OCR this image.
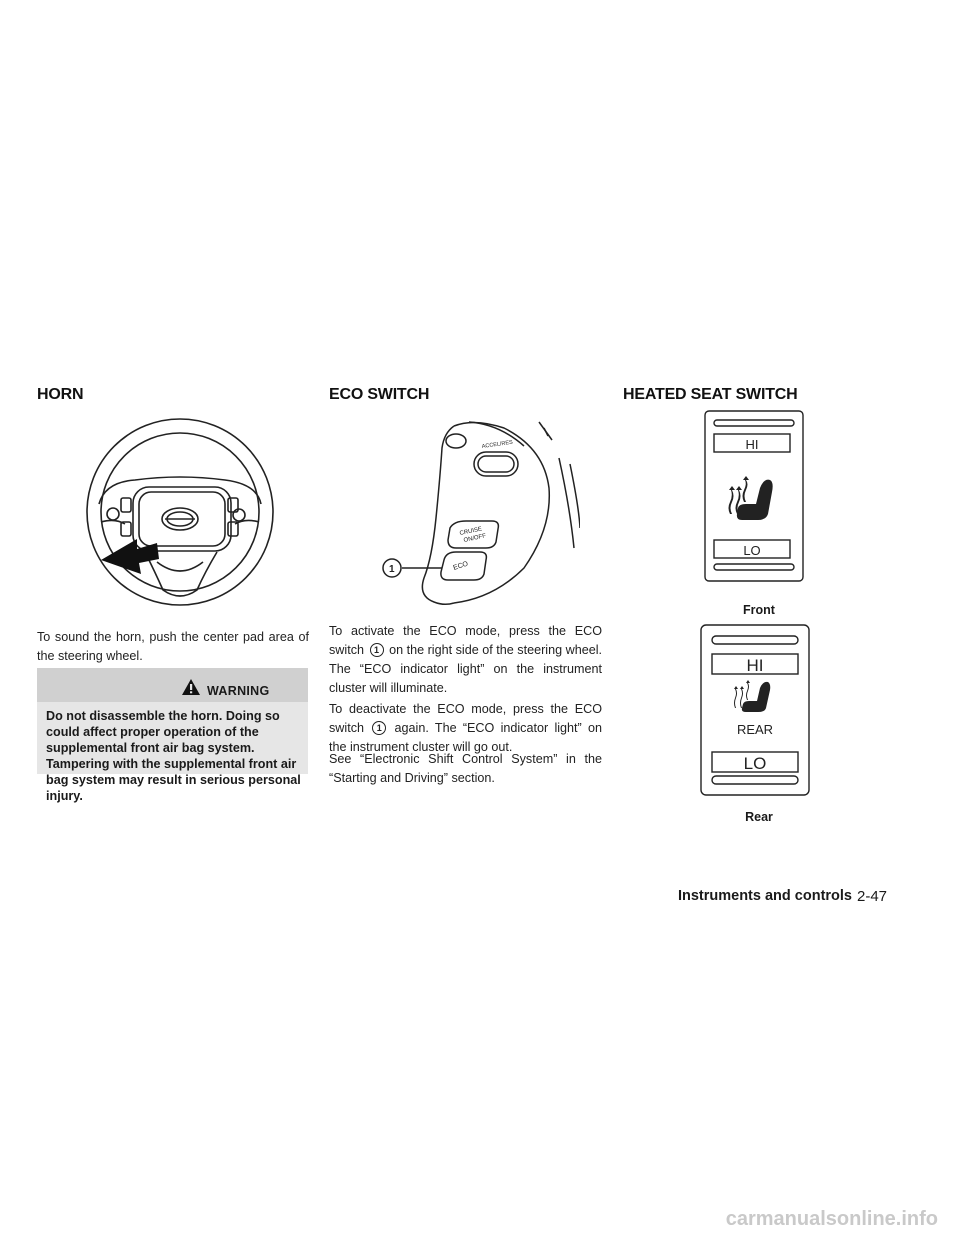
HORN

To sound the horn, push the center pad area of the steering wheel.

WARNING
Do not disassemble the horn. Doing so could affect proper operation of the supplemental front air bag system. Tampering with the supplemental front air bag system may result in serious personal injury.
ECO SWITCH
ACCEL/RES
CRUISE
ON/OFF
ECO
1

To activate the ECO mode, press the ECO switch 1 on the right side of the steering wheel. The “ECO indicator light” on the instrument cluster will illuminate.

To deactivate the ECO mode, press the ECO switch 1 again. The “ECO indicator light” on the instrument cluster will go out.

See “Electronic Shift Control System” in the “Starting and Driving” section.

HEATED SEAT SWITCH
HI
LO
Front
HI
REAR
LO
Rear
Instruments and controls 2-47
carmanualsonline.info
